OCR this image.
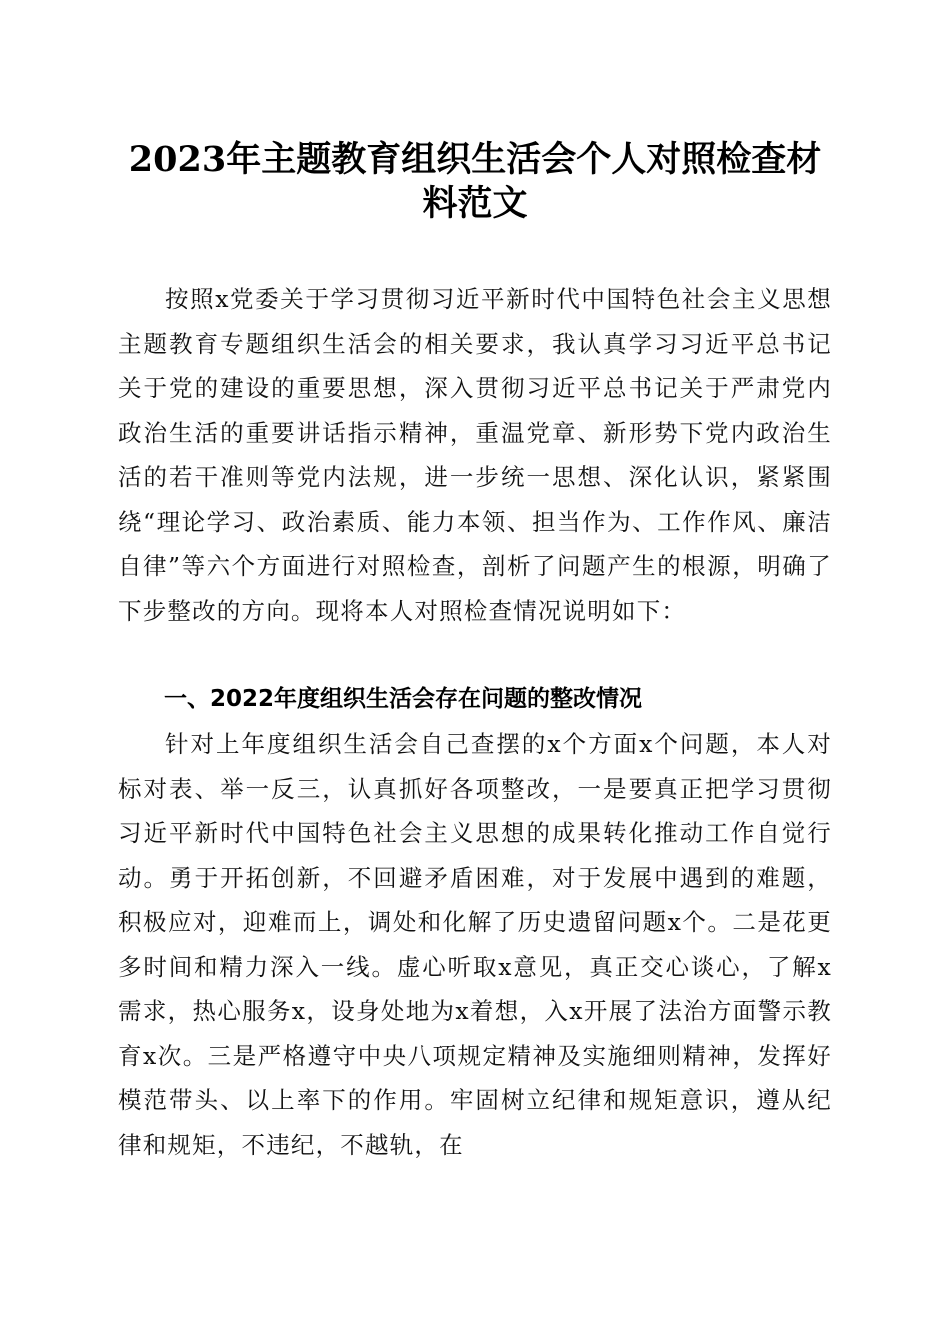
2023年主题教育组织生活会个人对照检查材料范文

按照x党委关于学习贯彻习近平新时代中国特色社会主义思想主题教育专题组织生活会的相关要求，我认真学习习近平总书记关于党的建设的重要思想，深入贯彻习近平总书记关于严肃党内政治生活的重要讲话指示精神，重温党章、新形势下党内政治生活的若干准则等党内法规，进一步统一思想、深化认识，紧紧围绕“理论学习、政治素质、能力本领、担当作为、工作作风、廉洁自律”等六个方面进行对照检查，剖析了问题产生的根源，明确了下步整改的方向。现将本人对照检查情况说明如下：

一、2022年度组织生活会存在问题的整改情况

针对上年度组织生活会自己查摆的x个方面x个问题，本人对标对表、举一反三，认真抓好各项整改，一是要真正把学习贯彻习近平新时代中国特色社会主义思想的成果转化推动工作自觉行动。勇于开拓创新，不回避矛盾困难，对于发展中遇到的难题，积极应对，迎难而上，调处和化解了历史遗留问题x个。二是花更多时间和精力深入一线。虚心听取x意见，真正交心谈心，了解x需求，热心服务x，设身处地为x着想，入x开展了法治方面警示教育x次。三是严格遵守中央八项规定精神及实施细则精神，发挥好模范带头、以上率下的作用。牢固树立纪律和规矩意识，遵从纪律和规矩，不违纪，不越轨，在
